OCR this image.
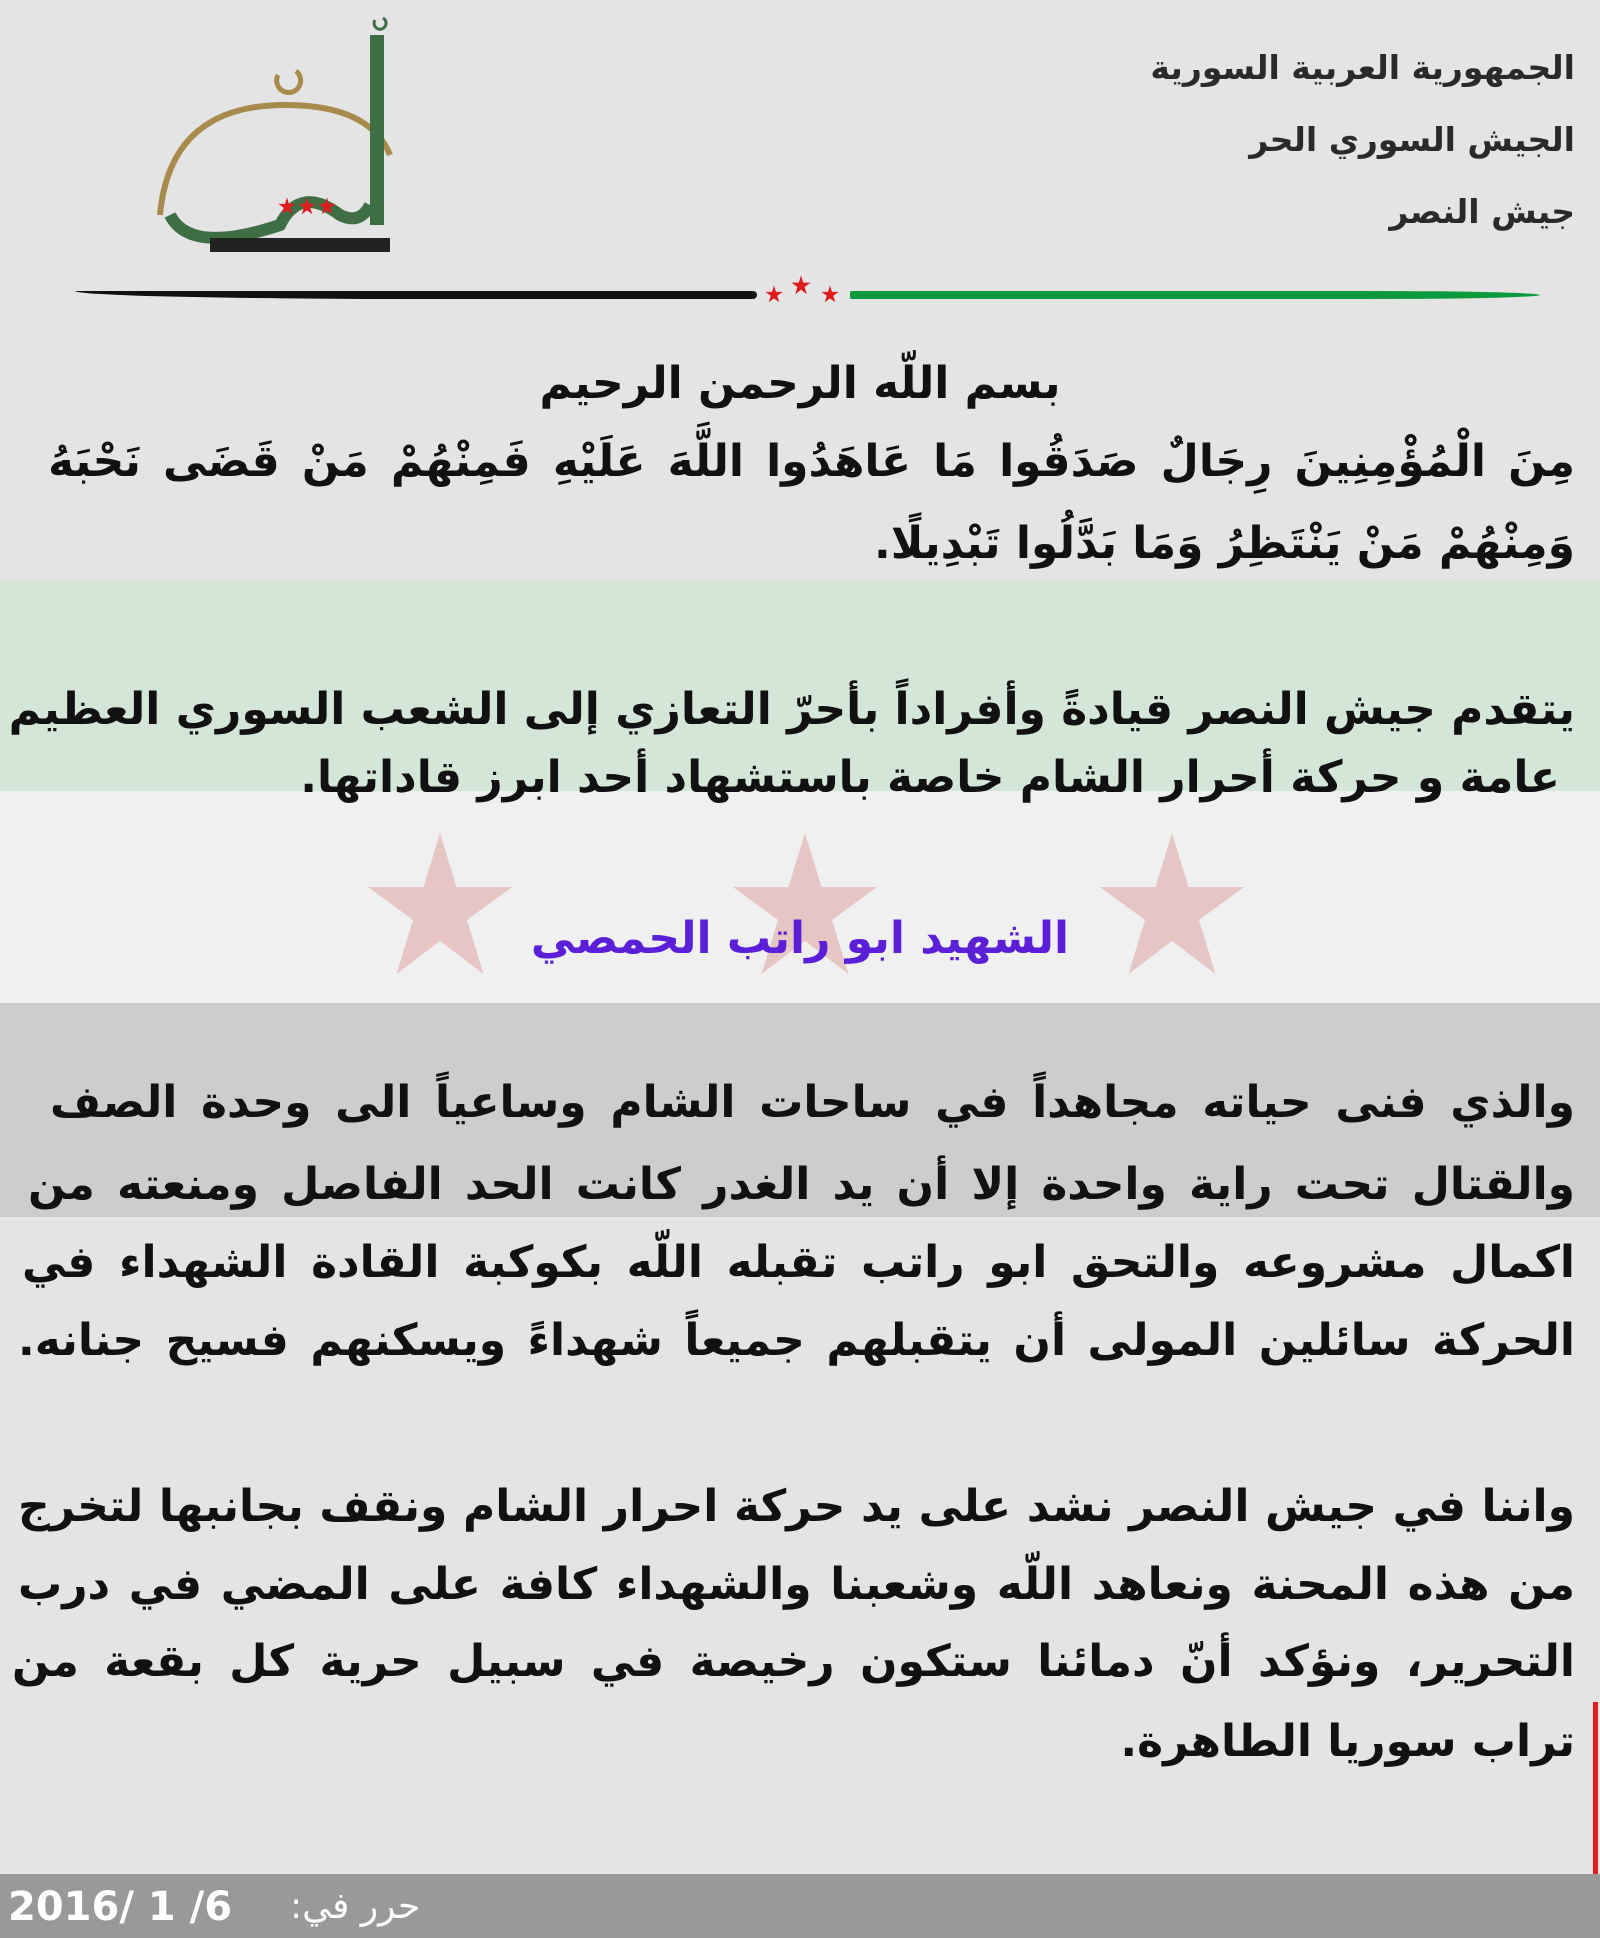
الجمهورية العربية السورية
الجيش السوري الحر
جيش النصر
بسم اللّه الرحمن الرحيم
مِنَ الْمُؤْمِنِينَ رِجَالٌ صَدَقُوا مَا عَاهَدُوا اللَّهَ عَلَيْهِ فَمِنْهُمْ مَنْ قَضَى نَحْبَهُ
وَمِنْهُمْ مَنْ يَنْتَظِرُ وَمَا بَدَّلُوا تَبْدِيلًا.
يتقدم جيش النصر قيادةً وأفراداً بأحرّ التعازي إلى الشعب السوري العظيم
عامة و حركة أحرار الشام خاصة باستشهاد أحد ابرز قاداتها.
الشهيد ابو راتب الحمصي
والذي فنى حياته مجاهداً في ساحات الشام وساعياً الى وحدة الصف
والقتال تحت راية واحدة إلا أن يد الغدر كانت الحد الفاصل ومنعته من
اكمال مشروعه والتحق ابو راتب تقبله اللّه بكوكبة القادة الشهداء في
الحركة سائلين المولى أن يتقبلهم جميعاً شهداءً ويسكنهم فسيح جنانه.
واننا في جيش النصر نشد على يد حركة احرار الشام ونقف بجانبها لتخرج
من هذه المحنة ونعاهد اللّه وشعبنا والشهداء كافة على المضي في درب
التحرير، ونؤكد أنّ دمائنا ستكون رخيصة في سبيل حرية كل بقعة من
تراب سوريا الطاهرة.
2016/ 1 /6 حرر في:
